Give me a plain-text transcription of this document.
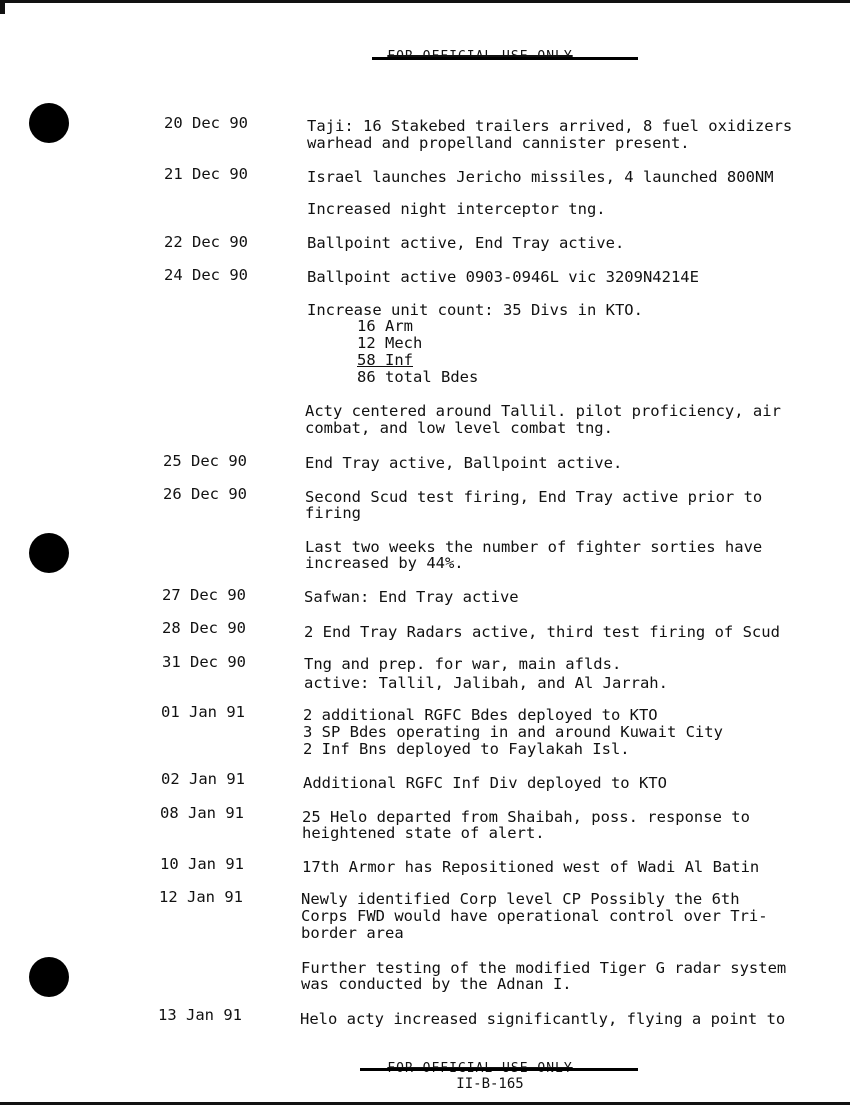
20 Dec 90	Taji: 16 Stakebed trailers arrived, 8 fuel oxidizers
warhead and propelland cannister present.
21 Dec 90	Israel launches Jericho missiles, 4 launched 800NM
Increased night interceptor tng.
22 Dec 90	Ballpoint active, End Tray active.
24 Dec 90	Ballpoint active 0903-0946L vic 3209N4214E
Increase unit count: 35 Divs in KTO.
16 Arm
12 Mech
58 Inf
86 total Bdes
Acty centered around Tallil. pilot proficiency, air
combat, and low level combat tng.
25 Dec 90	End Tray active, Ballpoint active.
26 Dec 90	Second Scud test firing, End Tray active prior to
firing
Last two weeks the number of fighter sorties have
increased by 44%.
27 Dec 90	Safwan: End Tray active
28 Dec 90	2 End Tray Radars active, third test firing of Scud
31 Dec 90	Tng and prep. for war, main aflds.
active: Tallil, Jalibah, and Al Jarrah.
01 Jan 91	2 additional RGFC Bdes deployed to KTO
3 SP Bdes operating in and around Kuwait City
2 Inf Bns deployed to Faylakah Isl.
02 Jan 91	Additional RGFC Inf Div deployed to KTO
08 Jan 91	25 Helo departed from Shaibah, poss. response to
heightened state of alert.
10 Jan 91	17th Armor has Repositioned west of Wadi Al Batin
12 Jan 91	Newly identified Corp level CP Possibly the 6th
Corps FWD would have operational control over Tri-
border area
Further testing of the modified Tiger G radar system
was conducted by the Adnan I.
13 Jan 91	Helo acty increased significantly, flying a point to
II-B-165
